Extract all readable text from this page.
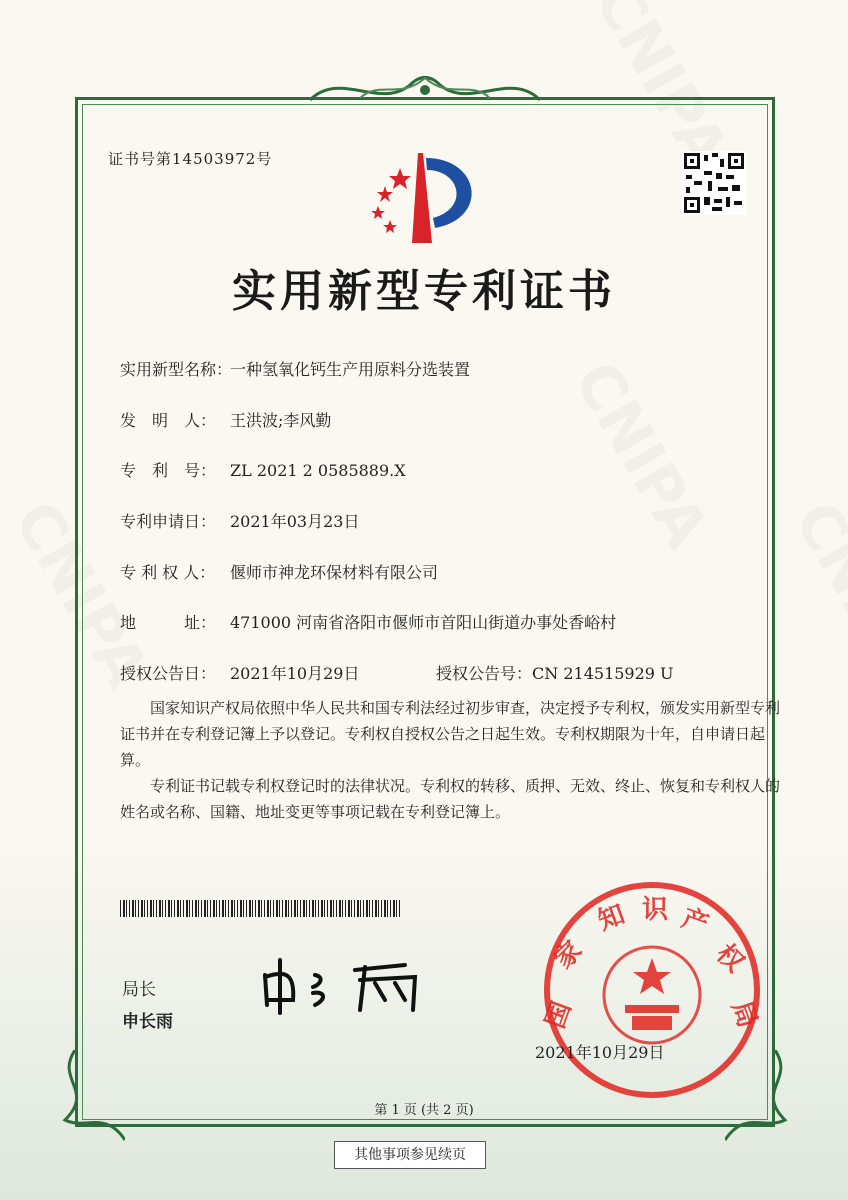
证书号第14503972号
实用新型专利证书
实用新型名称：一种氢氧化钙生产用原料分选装置
发　明　人： 王洪波;李风勤
专　利　号： ZL 2021 2 0585889.X
专利申请日： 2021年03月23日
专 利 权 人： 偃师市神龙环保材料有限公司
地　　　址： 471000 河南省洛阳市偃师市首阳山街道办事处香峪村
授权公告日： 2021年10月29日	授权公告号：CN 214515929 U

国家知识产权局依照中华人民共和国专利法经过初步审查，决定授予专利权，颁发实用新型专利证书并在专利登记簿上予以登记。专利权自授权公告之日起生效。专利权期限为十年，自申请日起算。

专利证书记载专利权登记时的法律状况。专利权的转移、质押、无效、终止、恢复和专利权人的姓名或名称、国籍、地址变更等事项记载在专利登记簿上。

局长
申长雨	国
家
知 识 产
权
局
2021年10月29日
第 1 页 (共 2 页)
其他事项参见续页
